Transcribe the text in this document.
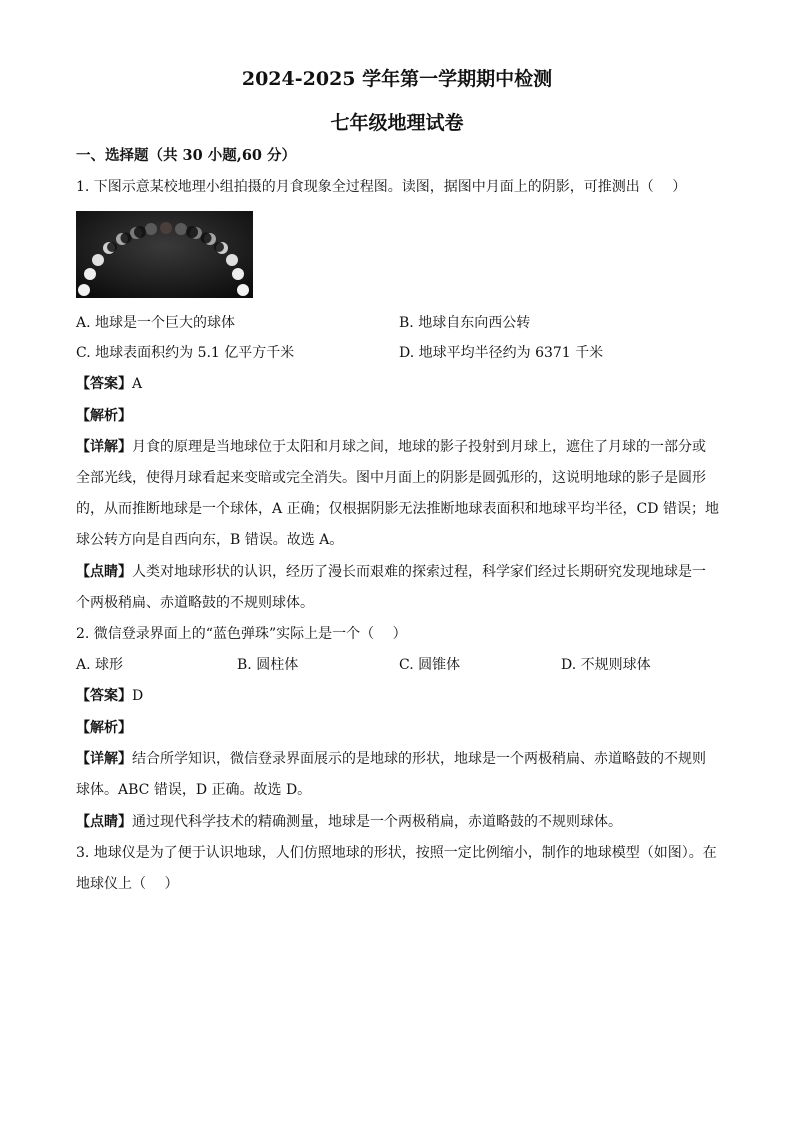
2024-2025 学年第一学期期中检测
七年级地理试卷
一、选择题（共 30 小题,60 分）
1. 下图示意某校地理小组拍摄的月食现象全过程图。读图，据图中月面上的阴影，可推测出（　 ）
A. 地球是一个巨大的球体	B. 地球自东向西公转
C. 地球表面积约为 5.1 亿平方千米	D. 地球平均半径约为 6371 千米
【答案】A
【解析】
【详解】月食的原理是当地球位于太阳和月球之间，地球的影子投射到月球上，遮住了月球的一部分或
全部光线，使得月球看起来变暗或完全消失。图中月面上的阴影是圆弧形的，这说明地球的影子是圆形
的，从而推断地球是一个球体，A 正确；仅根据阴影无法推断地球表面积和地球平均半径，CD 错误；地
球公转方向是自西向东，B 错误。故选 A。
【点睛】人类对地球形状的认识，经历了漫长而艰难的探索过程，科学家们经过长期研究发现地球是一
个两极稍扁、赤道略鼓的不规则球体。
2. 微信登录界面上的“蓝色弹珠”实际上是一个（　 ）
A. 球形	B. 圆柱体	C. 圆锥体	D. 不规则球体
【答案】D
【解析】
【详解】结合所学知识，微信登录界面展示的是地球的形状，地球是一个两极稍扁、赤道略鼓的不规则
球体。ABC 错误，D 正确。故选 D。
【点睛】通过现代科学技术的精确测量，地球是一个两极稍扁，赤道略鼓的不规则球体。
3. 地球仪是为了便于认识地球，人们仿照地球的形状，按照一定比例缩小，制作的地球模型（如图）。在
地球仪上（　 ）
